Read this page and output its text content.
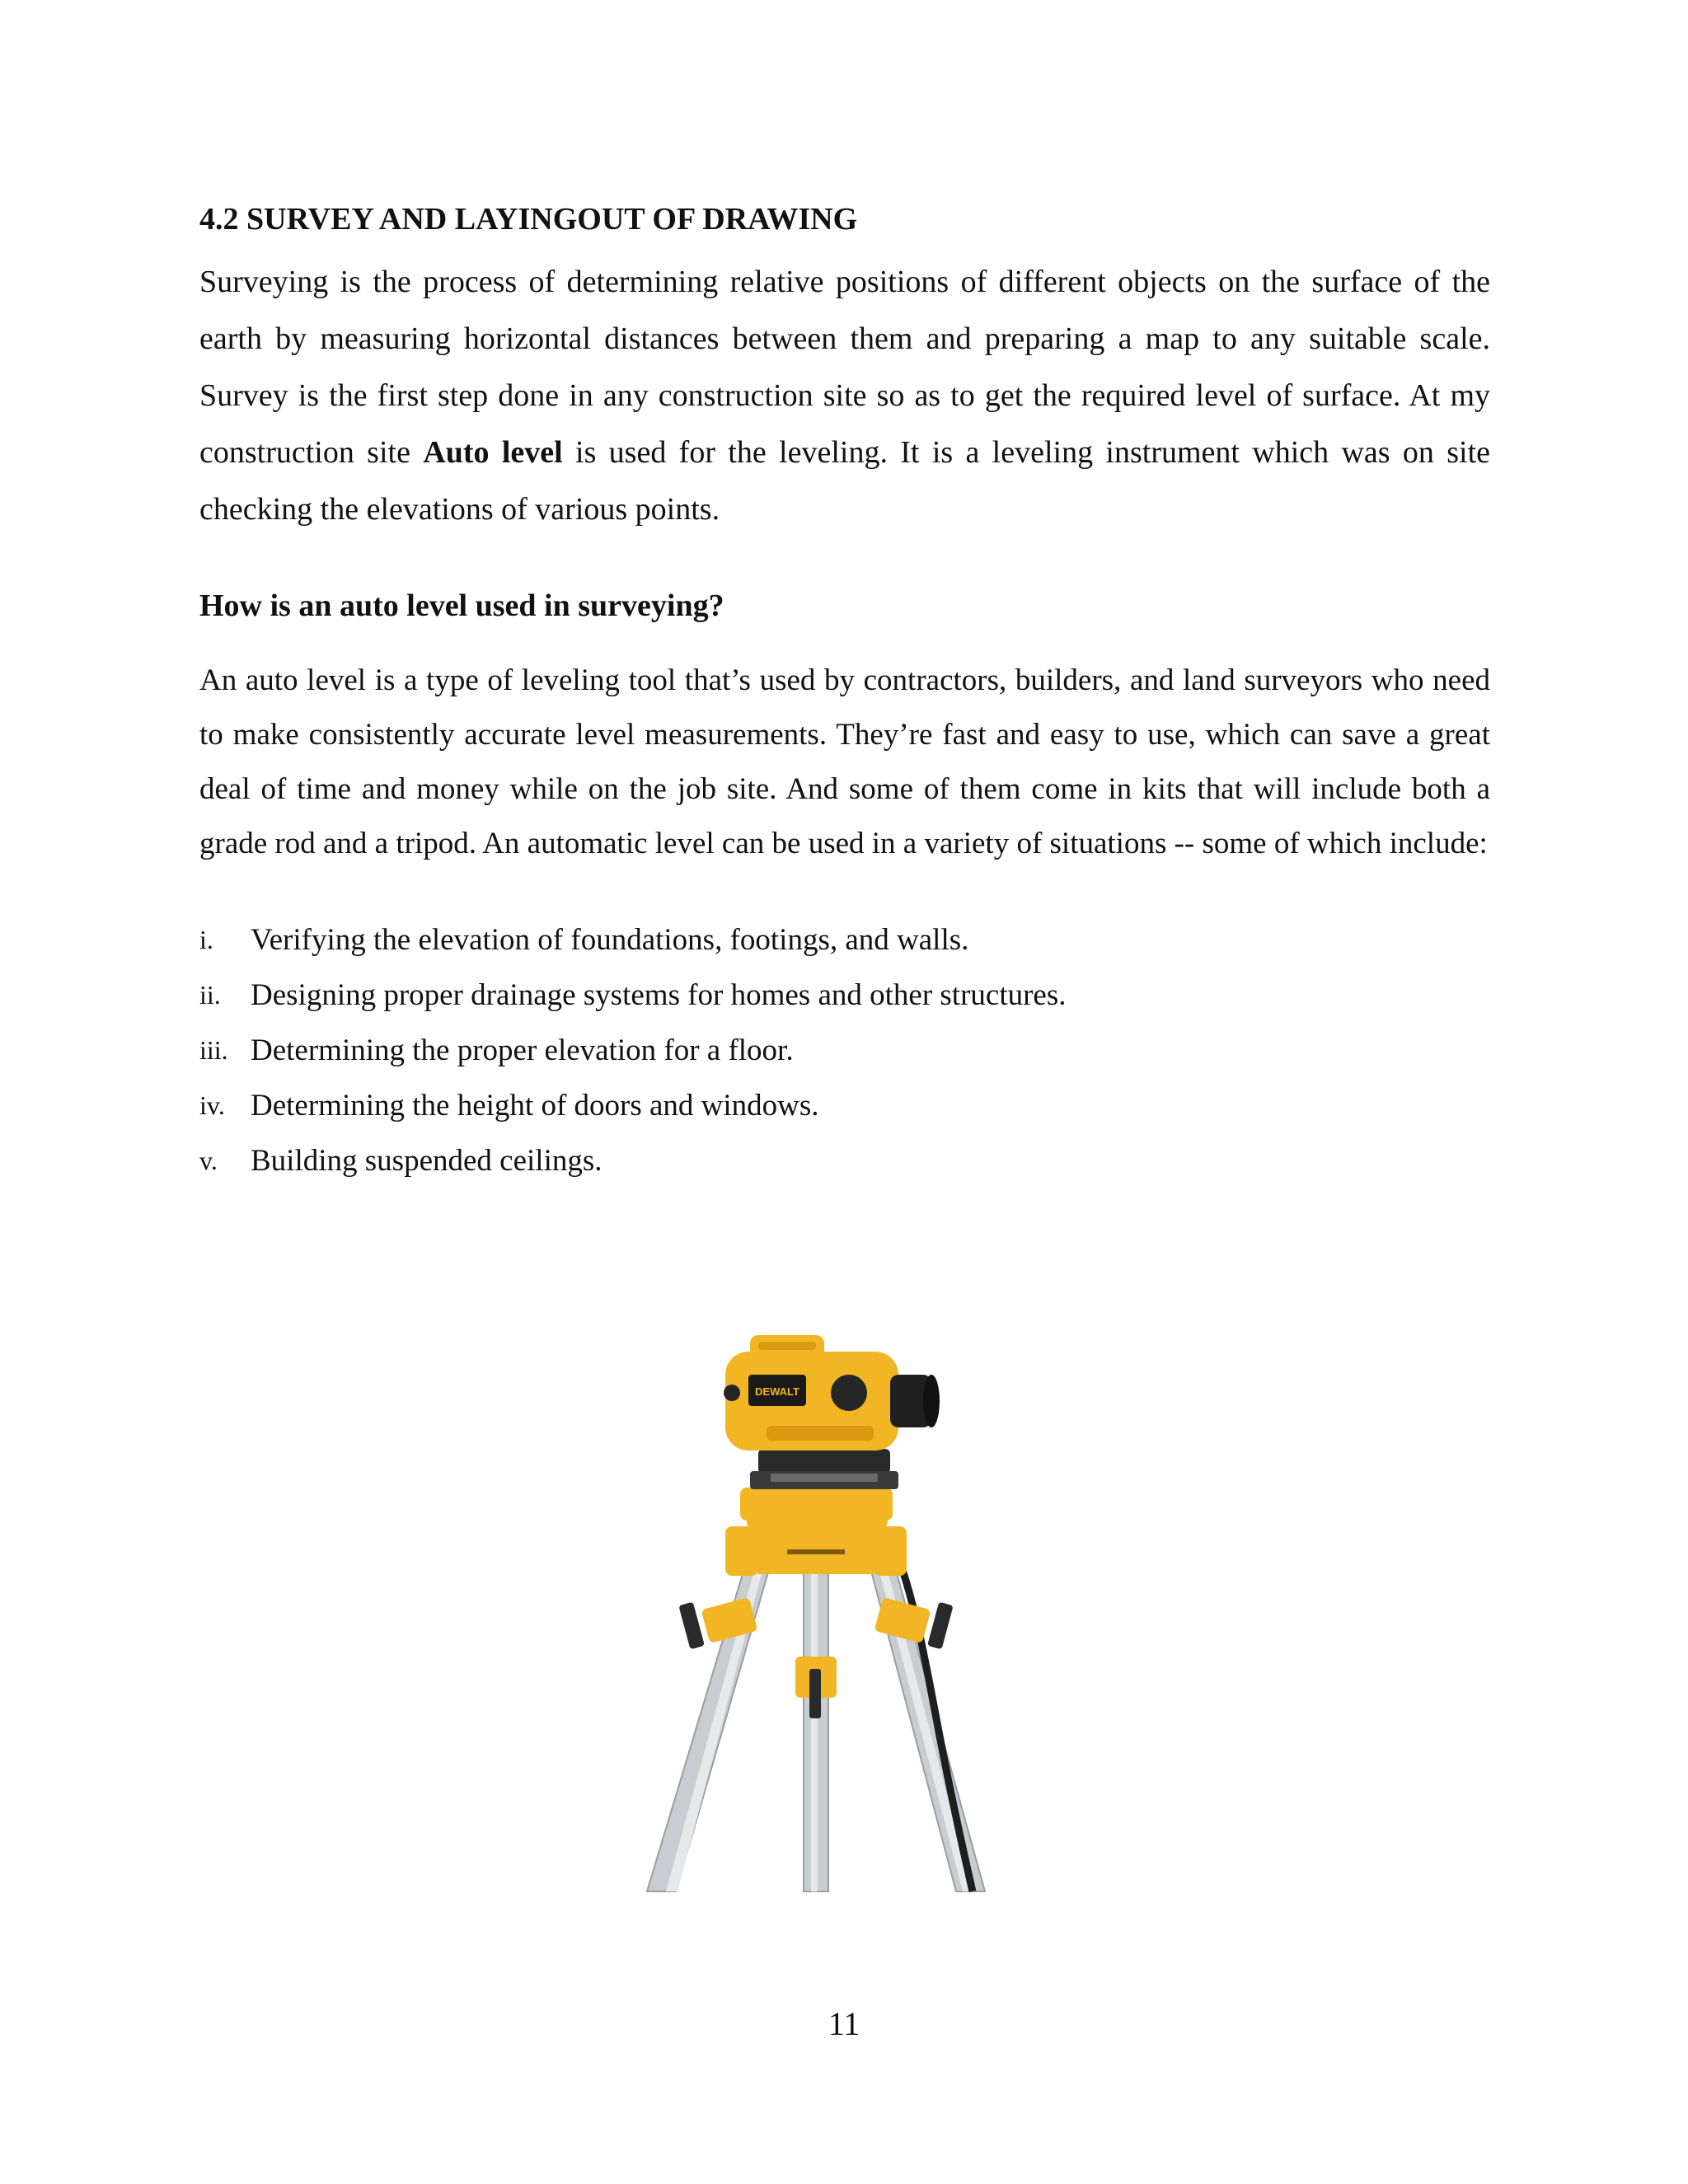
4.2 SURVEY AND LAYINGOUT OF DRAWING

Surveying is the process of determining relative positions of different objects on the surface of the earth by measuring horizontal distances between them and preparing a map to any suitable scale. Survey is the first step done in any construction site so as to get the required level of surface. At my construction site Auto level is used for the leveling. It is a leveling instrument which was on site checking the elevations of various points.

How is an auto level used in surveying?

An auto level is a type of leveling tool that’s used by contractors, builders, and land surveyors who need to make consistently accurate level measurements. They’re fast and easy to use, which can save a great deal of time and money while on the job site. And some of them come in kits that will include both a grade rod and a tripod. An automatic level can be used in a variety of situations -- some of which include:

i.	Verifying the elevation of foundations, footings, and walls.
ii. Designing proper drainage systems for homes and other structures.
iii. Determining the proper elevation for a floor.
iv. Determining the height of doors and windows.
v.	Building suspended ceilings.
DEWALT
11
